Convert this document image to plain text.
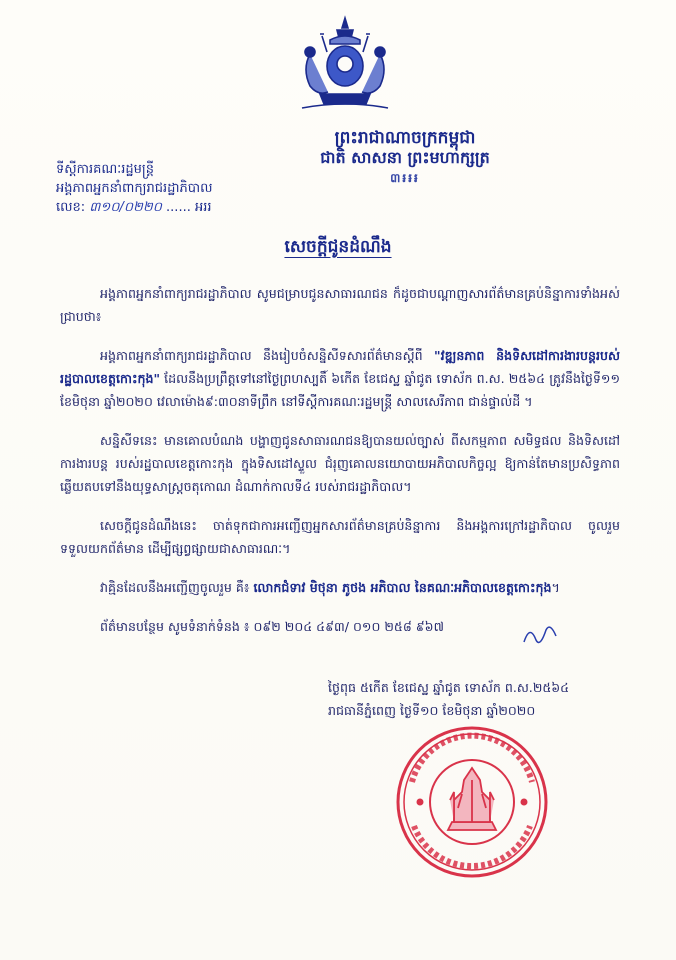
ព្រះរាជាណាចក្រកម្ពុជា
ជាតិ សាសនា ព្រះមហាក្សត្រ
៣៛៛៛
ទីស្តីការគណៈរដ្ឋមន្ត្រី
អង្គភាពអ្នកនាំពាក្យរាជរដ្ឋាភិបាល
លេខ: ៣១០/០២២០ ...... អររ
សេចក្តីជូនដំណឹង

អង្គភាពអ្នកនាំពាក្យរាជរដ្ឋាភិបាល សូមជម្រាបជូនសាធារណជន ក៏ដូចជាបណ្តាញសារព័ត៌មានគ្រប់និន្នាការទាំងអស់ជ្រាបថា៖

អង្គភាពអ្នកនាំពាក្យរាជរដ្ឋាភិបាល នឹងរៀបចំសន្និសីទសារព័ត៌មានស្តីពី "វឌ្ឍនភាព និងទិសដៅការងារបន្តរបស់រដ្ឋបាលខេត្តកោះកុង" ដែលនឹងប្រព្រឹត្តទៅនៅថ្ងៃព្រហស្បតិ៍ ៦កើត ខែជេស្ឋ ឆ្នាំជូត ទោស័ក ព.ស. ២៥៦៤ ត្រូវនឹងថ្ងៃទី១១ ខែមិថុនា ឆ្នាំ២០២០ វេលាម៉ោង៩:៣០នាទីព្រឹក នៅទីស្តីការគណៈរដ្ឋមន្ត្រី សាលសេរីភាព ជាន់ផ្ទាល់ដី ។

សន្និសីទនេះ មានគោលបំណង បង្ហាញជូនសាធារណជនឱ្យបានយល់ច្បាស់ ពីសកម្មភាព សមិទ្ធផល និងទិសដៅការងារបន្ត របស់រដ្ឋបាលខេត្តកោះកុង ក្នុងទិសដៅស្ទួល ជំរុញគោលនយោបាយអភិបាលកិច្ចល្អ ឱ្យកាន់តែមានប្រសិទ្ធភាព ឆ្លើយតបទៅនឹងយុទ្ធសាស្ត្រចតុកោណ ដំណាក់កាលទី៤ របស់រាជរដ្ឋាភិបាល។

សេចក្តីជូនដំណឹងនេះ ចាត់ទុកជាការអញ្ជើញអ្នកសារព័ត៌មានគ្រប់និន្នាការ និងអង្គការក្រៅរដ្ឋាភិបាល ចូលរួមទទួលយកព័ត៌មាន ដើម្បីផ្សព្វផ្សាយជាសាធារណៈ។

វាគ្មិនដែលនឹងអញ្ជើញចូលរួម គឺ៖ លោកជំទាវ មិថុនា ភូថង អភិបាល នៃគណៈអភិបាលខេត្តកោះកុង។

ព័ត៌មានបន្ថែម សូមទំនាក់ទំនង ៖ ០៩២ ២០៤ ៤៩៣/ ០១០ ២៥៨ ៩៦៧

ថ្ងៃពុធ ៥កើត ខែជេស្ឋ ឆ្នាំជូត ទោស័ក ព.ស.២៥៦៤
រាជធានីភ្នំពេញ ថ្ងៃទី១០ ខែមិថុនា ឆ្នាំ២០២០
